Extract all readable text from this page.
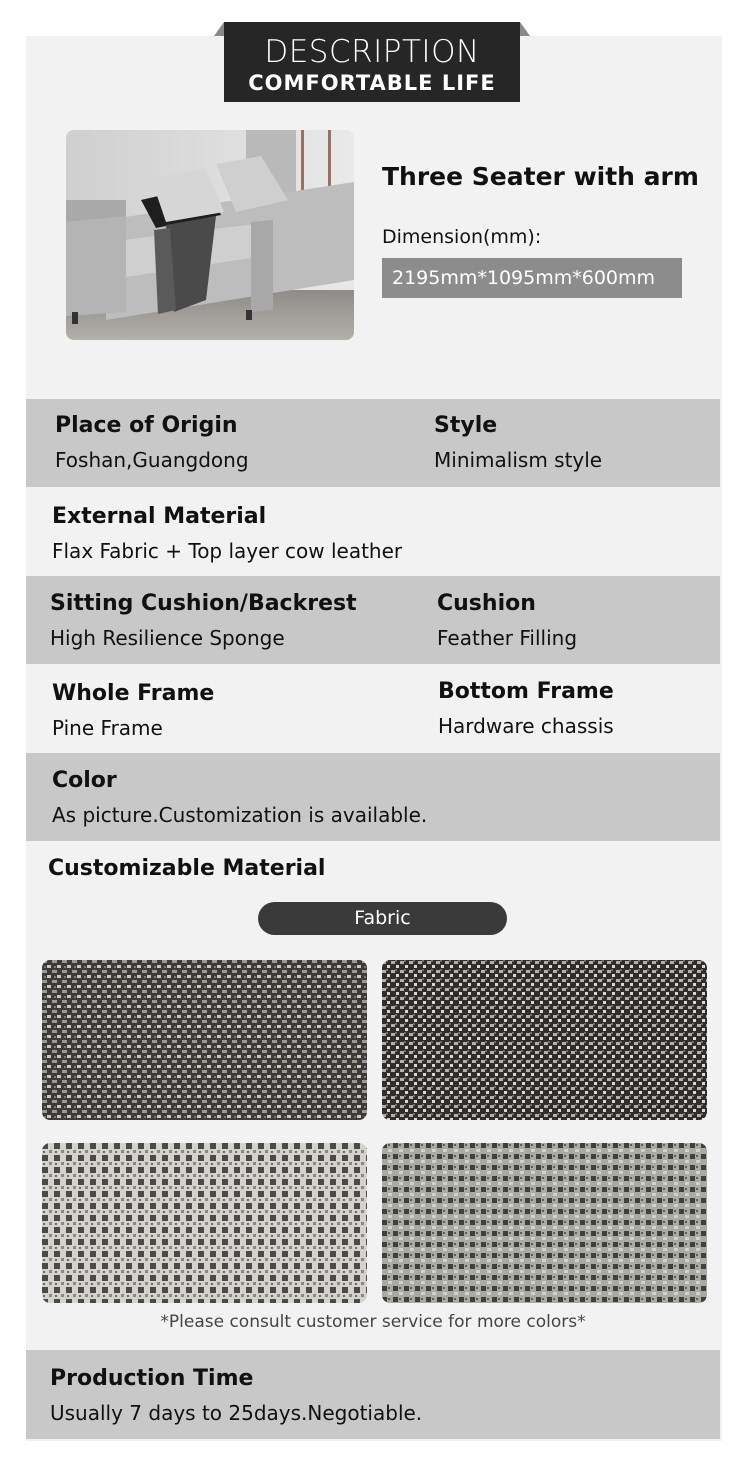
DESCRIPTION
COMFORTABLE LIFE
Three Seater with arm
Dimension(mm):
2195mm*1095mm*600mm
Place of Origin
Foshan,Guangdong
Style
Minimalism style
External Material
Flax Fabric + Top layer cow leather
Sitting Cushion/Backrest
High Resilience Sponge
Cushion
Feather Filling
Whole Frame
Pine Frame
Bottom Frame
Hardware chassis
Color
As picture.Customization is available.
Customizable Material
Fabric
*Please consult customer service for more colors*
Production Time
Usually 7 days to 25days.Negotiable.
